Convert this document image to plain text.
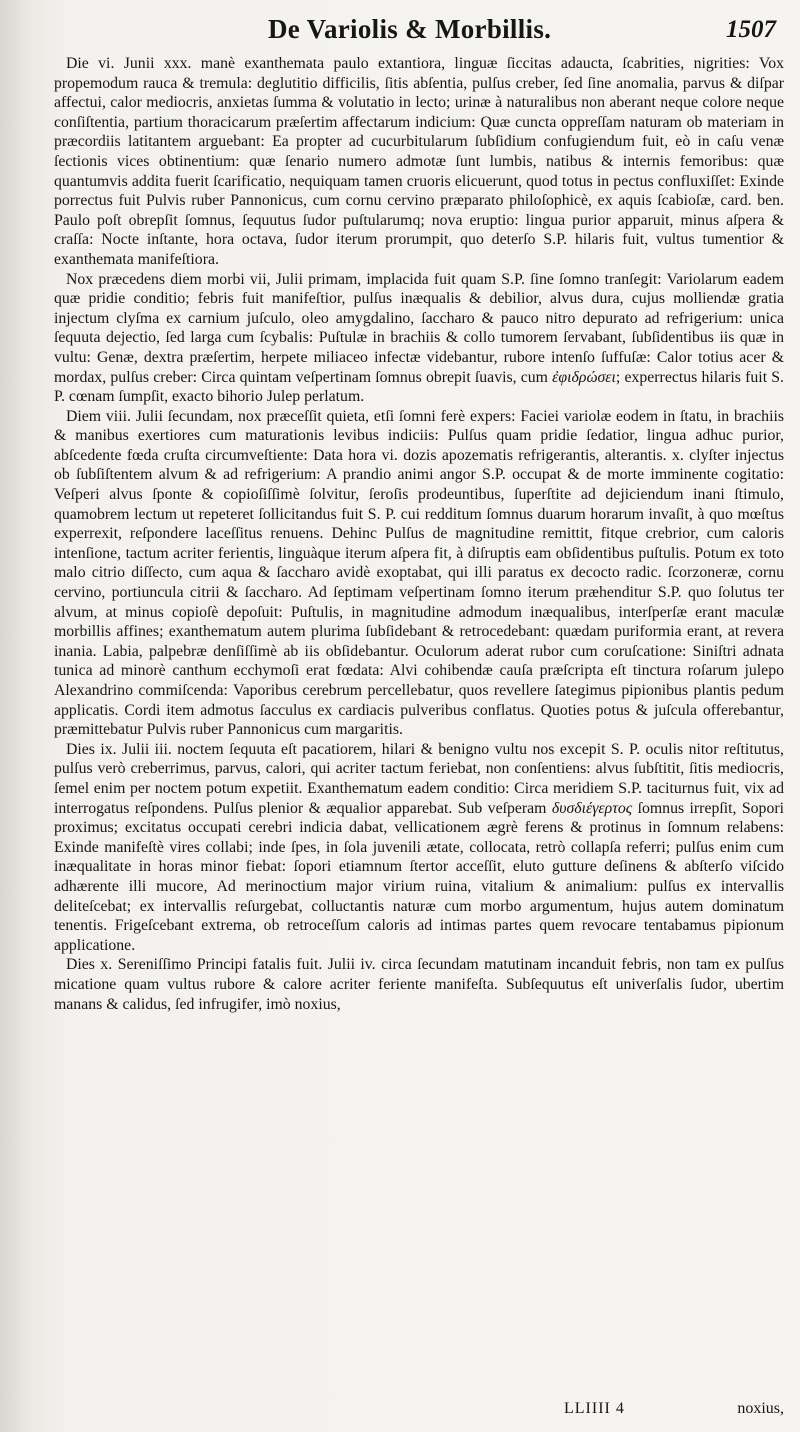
De Variolis & Morbillis.	1507

Die vi. Junii xxx. manè exanthemata paulo extantiora, linguæ ſiccitas adaucta, ſcabrities, nigrities: Vox propemodum rauca & tremula: deglutitio difficilis, ſitis abſentia, pulſus creber, ſed ſine anomalia, parvus & diſpar affectui, calor mediocris, anxietas ſumma & volutatio in lecto; urinæ à naturalibus non aberant neque colore neque conſiſtentia, partium thoracicarum præſertim affectarum indicium: Quæ cuncta oppreſſam naturam ob materiam in præcordiis latitantem arguebant: Ea propter ad cucurbitularum ſubſidium confugiendum fuit, eò in caſu venæ ſectionis vices obtinentium: quæ ſenario numero admotæ ſunt lumbis, natibus & internis femoribus: quæ quantumvis addita fuerit ſcarificatio, nequiquam tamen cruoris elicuerunt, quod totus in pectus confluxiſſet: Exinde porrectus fuit Pulvis ruber Pannonicus, cum cornu cervino præparato philoſophicè, ex aquis ſcabioſæ, card. ben. Paulo poſt obrepſit ſomnus, ſequutus ſudor puſtularumq; nova eruptio: lingua purior apparuit, minus aſpera & craſſa: Nocte inſtante, hora octava, ſudor iterum prorumpit, quo deterſo S.P. hilaris fuit, vultus tumentior & exanthemata manifeſtiora.

Nox præcedens diem morbi vii, Julii primam, implacida fuit quam S.P. ſine ſomno tranſegit: Variolarum eadem quæ pridie conditio; febris fuit manifeſtior, pulſus inæqualis & debilior, alvus dura, cujus molliendæ gratia injectum clyſma ex carnium juſculo, oleo amygdalino, ſaccharo & pauco nitro depurato ad refrigerium: unica ſequuta dejectio, ſed larga cum ſcybalis: Puſtulæ in brachiis & collo tumorem ſervabant, ſubſidentibus iis quæ in vultu: Genæ, dextra præſertim, herpete miliaceo infectæ videbantur, rubore intenſo ſuffuſæ: Calor totius acer & mordax, pulſus creber: Circa quintam veſpertinam ſomnus obrepit ſuavis, cum ἐφιδρώσει; experrectus hilaris fuit S. P. cœnam ſumpſit, exacto bihorio Julep perlatum.

Diem viii. Julii ſecundam, nox præceſſit quieta, etſi ſomni ferè expers: Faciei variolæ eodem in ſtatu, in brachiis & manibus exertiores cum maturationis levibus indiciis: Pulſus quam pridie ſedatior, lingua adhuc purior, abſcedente fœda cruſta circumveſtiente: Data hora vi. dozis apozematis refrigerantis, alterantis. x. clyſter injectus ob ſubſiſtentem alvum & ad refrigerium: A prandio animi angor S.P. occupat & de morte imminente cogitatio: Veſperi alvus ſponte & copioſiſſimè ſolvitur, ſeroſis prodeuntibus, ſuperſtite ad dejiciendum inani ſtimulo, quamobrem lectum ut repeteret ſollicitandus fuit S. P. cui redditum ſomnus duarum horarum invaſit, à quo mœſtus experrexit, reſpondere laceſſitus renuens. Dehinc Pulſus de magnitudine remittit, fitque crebrior, cum caloris intenſione, tactum acriter ferientis, linguàque iterum aſpera fit, à diſruptis eam obſidentibus puſtulis. Potum ex toto malo citrio diſſecto, cum aqua & ſaccharo avidè exoptabat, qui illi paratus ex decocto radic. ſcorzoneræ, cornu cervino, portiuncula citrii & ſaccharo. Ad ſeptimam veſpertinam ſomno iterum præhenditur S.P. quo ſolutus ter alvum, at minus copioſè depoſuit: Puſtulis, in magnitudine admodum inæqualibus, interſperſæ erant maculæ morbillis affines; exanthematum autem plurima ſubſidebant & retrocedebant: quædam puriformia erant, at revera inania. Labia, palpebræ denſiſſimè ab iis obſidebantur. Oculorum aderat rubor cum coruſcatione: Siniſtri adnata tunica ad minorè canthum ecchymoſi erat fœdata: Alvi cohibendæ cauſa præſcripta eſt tinctura roſarum julepo Alexandrino commiſcenda: Vaporibus cerebrum percellebatur, quos revellere ſategimus pipionibus plantis pedum applicatis. Cordi item admotus ſacculus ex cardiacis pulveribus conflatus. Quoties potus & juſcula offerebantur, præmittebatur Pulvis ruber Pannonicus cum margaritis.

Dies ix. Julii iii. noctem ſequuta eſt pacatiorem, hilari & benigno vultu nos excepit S. P. oculis nitor reſtitutus, pulſus verò creberrimus, parvus, calori, qui acriter tactum feriebat, non conſentiens: alvus ſubſtitit, ſitis mediocris, ſemel enim per noctem potum expetiit. Exanthematum eadem conditio: Circa meridiem S.P. taciturnus fuit, vix ad interrogatus reſpondens. Pulſus plenior & æqualior apparebat. Sub veſperam δυσδιέγερτος ſomnus irrepſit, Sopori proximus; excitatus occupati cerebri indicia dabat, vellicationem ægrè ferens & protinus in ſomnum relabens: Exinde manifeſtè vires collabi; inde ſpes, in ſola juvenili ætate, collocata, retrò collapſa referri; pulſus enim cum inæqualitate in horas minor fiebat: ſopori etiamnum ſtertor acceſſit, eluto gutture deſinens & abſterſo viſcido adhærente illi mucore, Ad merinoctium major virium ruina, vitalium & animalium: pulſus ex intervallis deliteſcebat; ex intervallis reſurgebat, colluctantis naturæ cum morbo argumentum, hujus autem dominatum tenentis. Frigeſcebant extrema, ob retroceſſum caloris ad intimas partes quem revocare tentabamus pipionum applicatione.

Dies x. Sereniſſimo Principi fatalis fuit. Julii iv. circa ſecundam matutinam incanduit febris, non tam ex pulſus micatione quam vultus rubore & calore acriter feriente manifeſta. Subſequutus eſt univerſalis ſudor, ubertim manans & calidus, ſed infrugifer, imò noxius,

LLIIII 4	noxius,
